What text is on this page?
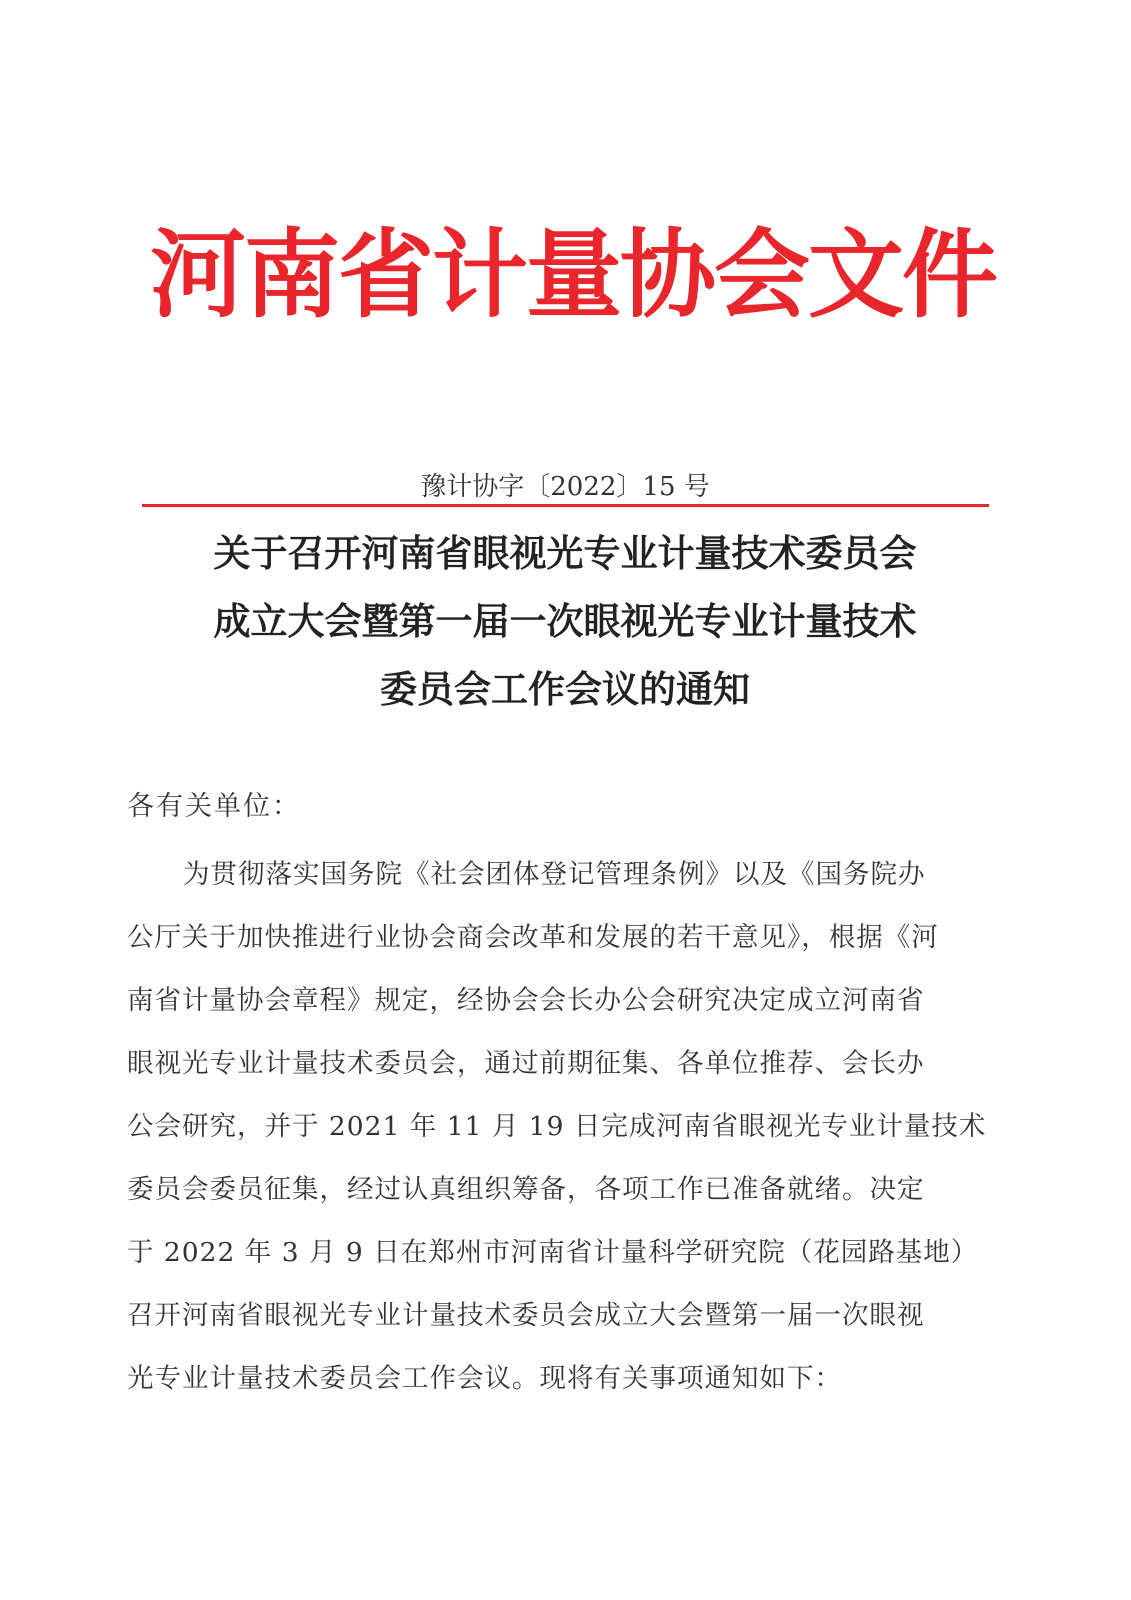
河南省计量协会文件
豫计协字〔2022〕15 号
关于召开河南省眼视光专业计量技术委员会
成立大会暨第一届一次眼视光专业计量技术
委员会工作会议的通知
各有关单位：
为贯彻落实国务院《社会团体登记管理条例》以及《国务院办
公厅关于加快推进行业协会商会改革和发展的若干意见》，根据《河
南省计量协会章程》规定，经协会会长办公会研究决定成立河南省
眼视光专业计量技术委员会，通过前期征集、各单位推荐、会长办
公会研究，并于 2021 年 11 月 19 日完成河南省眼视光专业计量技术
委员会委员征集，经过认真组织筹备，各项工作已准备就绪。决定
于 2022 年 3 月 9 日在郑州市河南省计量科学研究院（花园路基地）
召开河南省眼视光专业计量技术委员会成立大会暨第一届一次眼视
光专业计量技术委员会工作会议。现将有关事项通知如下：
